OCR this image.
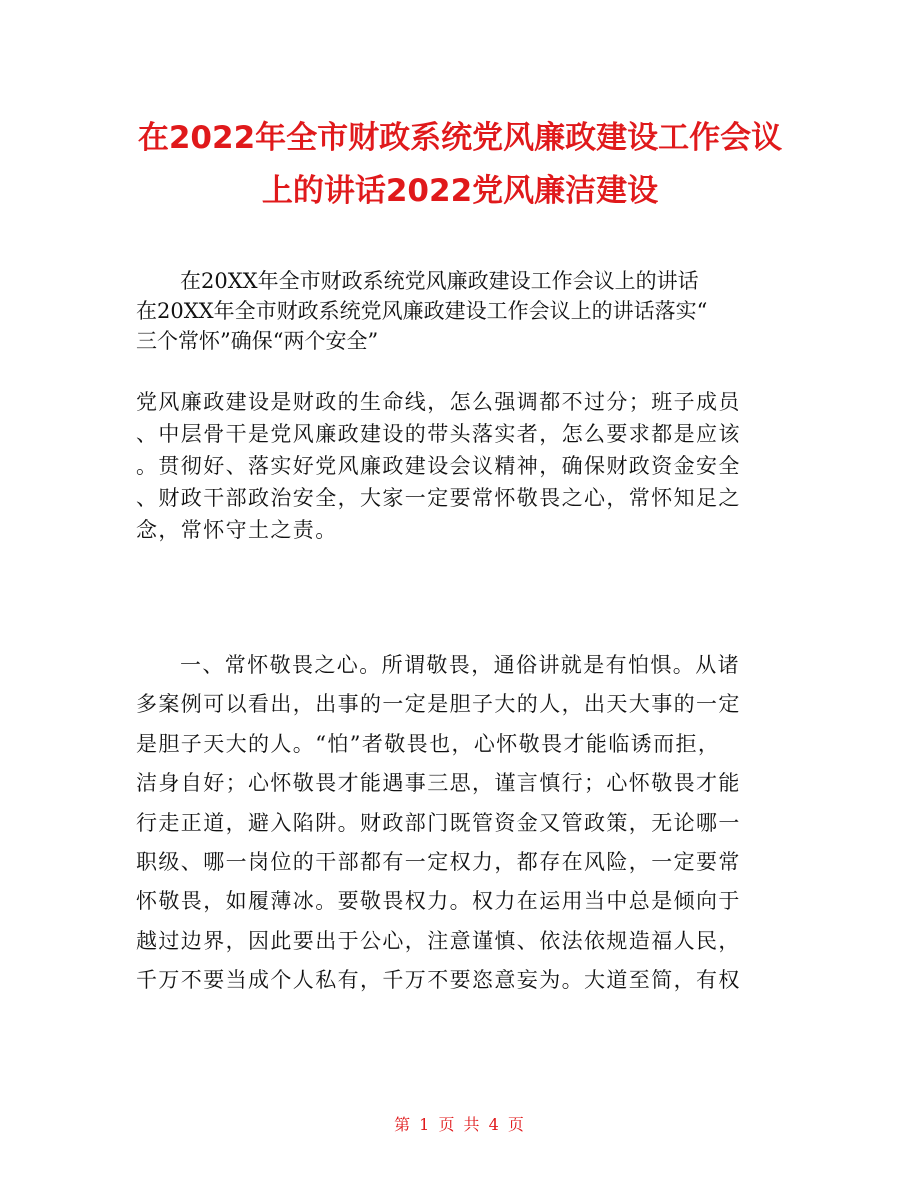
在2022年全市财政系统党风廉政建设工作会议
上的讲话2022党风廉洁建设

在20XX年全市财政系统党风廉政建设工作会议上的讲话

在20XX年全市财政系统党风廉政建设工作会议上的讲话落实“

三个常怀”确保“两个安全”

党风廉政建设是财政的生命线，怎么强调都不过分；班子成员

、中层骨干是党风廉政建设的带头落实者，怎么要求都是应该

。贯彻好、落实好党风廉政建设会议精神，确保财政资金安全

、财政干部政治安全，大家一定要常怀敬畏之心，常怀知足之

念，常怀守土之责。

一、常怀敬畏之心。所谓敬畏，通俗讲就是有怕惧。从诸

多案例可以看出，出事的一定是胆子大的人，出天大事的一定

是胆子天大的人。“怕”者敬畏也，心怀敬畏才能临诱而拒，

洁身自好；心怀敬畏才能遇事三思，谨言慎行；心怀敬畏才能

行走正道，避入陷阱。财政部门既管资金又管政策，无论哪一

职级、哪一岗位的干部都有一定权力，都存在风险，一定要常

怀敬畏，如履薄冰。要敬畏权力。权力在运用当中总是倾向于

越过边界，因此要出于公心，注意谨慎、依法依规造福人民，

千万不要当成个人私有，千万不要恣意妄为。大道至简，有权

第 1 页 共 4 页
